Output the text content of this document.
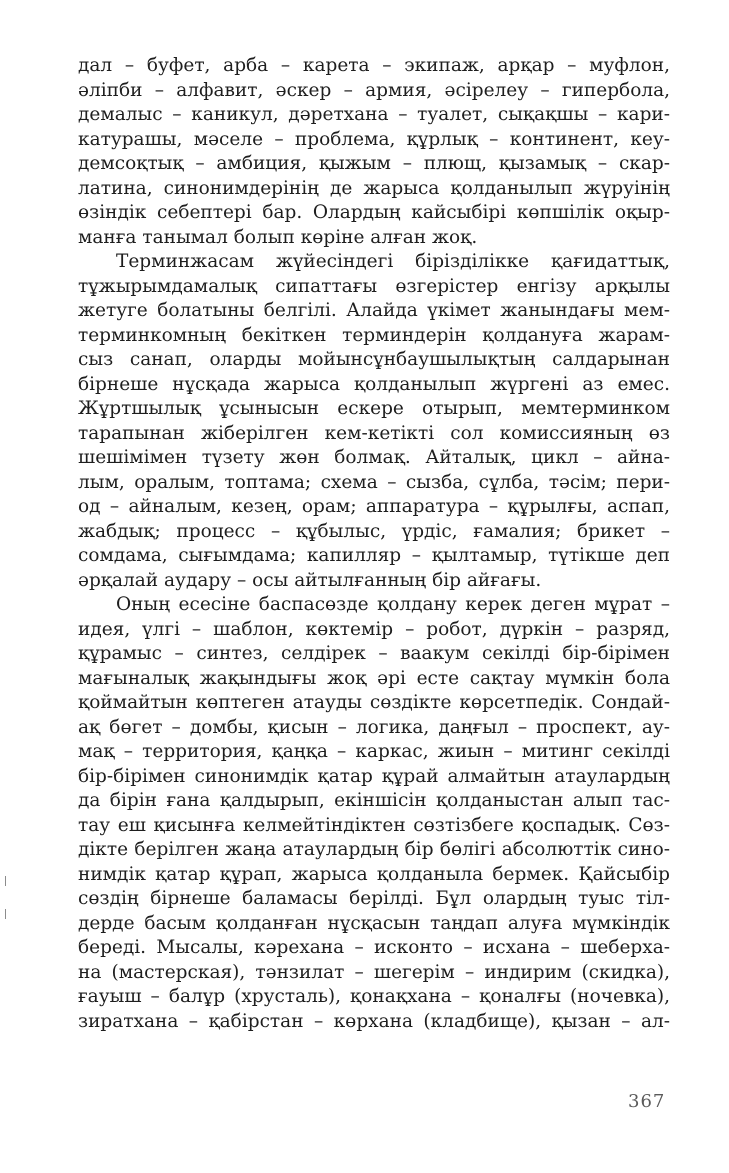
дал – буфет, арба – карета – экипаж, арқар – муфлон,
әліпби – алфавит, әскер – армия, әсірелеу – гипербола,
демалыс – каникул, дәретхана – туалет, сықақшы – кари-
катурашы, мәселе – проблема, құрлық – континент, кеу-
демсоқтық – амбиция, қыжым – плющ, қызамық – скар-
латина, синонимдерінің де жарыса қолданылып жүруінің
өзіндік себептері бар. Олардың кайсыбірі көпшілік оқыр-
манға танымал болып көріне алған жоқ.
Терминжасам жүйесіндегі біріздiлiкке қағидаттық,
тұжырымдамалық сипаттағы өзгерістер енгізу арқылы
жетуге болатыны белгілі. Алайда үкімет жанындағы мем-
терминкомның бекіткен терминдерін қолдануға жарам-
сыз санап, оларды мойынсұнбаушылықтың салдарынан
бірнеше нұсқада жарыса қолданылып жүргені аз емес.
Жұртшылық ұсынысын ескере отырып, мемтерминком
тарапынан жіберілген кем-кетікті сол комиссияның өз
шешімімен түзету жөн болмақ. Айталық, цикл – айна-
лым, оралым, топтама; схема – сызба, сұлба, тәсім; пери-
од – айналым, кезең, орам; аппаратура – құрылғы, аспап,
жабдық; процесс – құбылыс, үрдіс, ғамалия; брикет –
сомдама, сығымдама; капилляр – қылтамыр, түтікше деп
әрқалай аудару – осы айтылғанның бір айғағы.
Оның есесіне баспасөзде қолдану керек деген мұрат –
идея, үлгі – шаблон, көктемір – робот, дүркін – разряд,
құрамыс – синтез, селдірек – ваакум секілді бір-бірімен
мағыналық жақындығы жоқ әрі есте сақтау мүмкін бола
қоймайтын көптеген атауды сөздікте көрсетпедік. Сондай-
ақ бөгет – домбы, қисын – логика, даңғыл – проспект, ау-
мақ – территория, қаңқа – каркас, жиын – митинг секілді
бір-бірімен синонимдік қатар құрай алмайтын атаулардың
да бірін ғана қалдырып, екіншісін қолданыстан алып тас-
тау еш қисынға келмейтіндіктен сөзтізбеге қоспадық. Сөз-
дікте берілген жаңа атаулардың бір бөлігі абсолюттік сино-
нимдік қатар құрап, жарыса қолданыла бермек. Қайсыбір
сөздің бірнеше баламасы берілді. Бұл олардың туыс тіл-
дерде басым қолданған нұсқасын таңдап алуға мүмкіндік
береді. Мысалы, кәрехана – исконто – исхана – шеберха-
на (мастерская), тәнзилат – шегерім – индирим (скидка),
ғауыш – балұр (хрусталь), қонақхана – қоналғы (ночевка),
зиратхана – қабірстан – көрхана (кладбище), қызан – ал-
367
